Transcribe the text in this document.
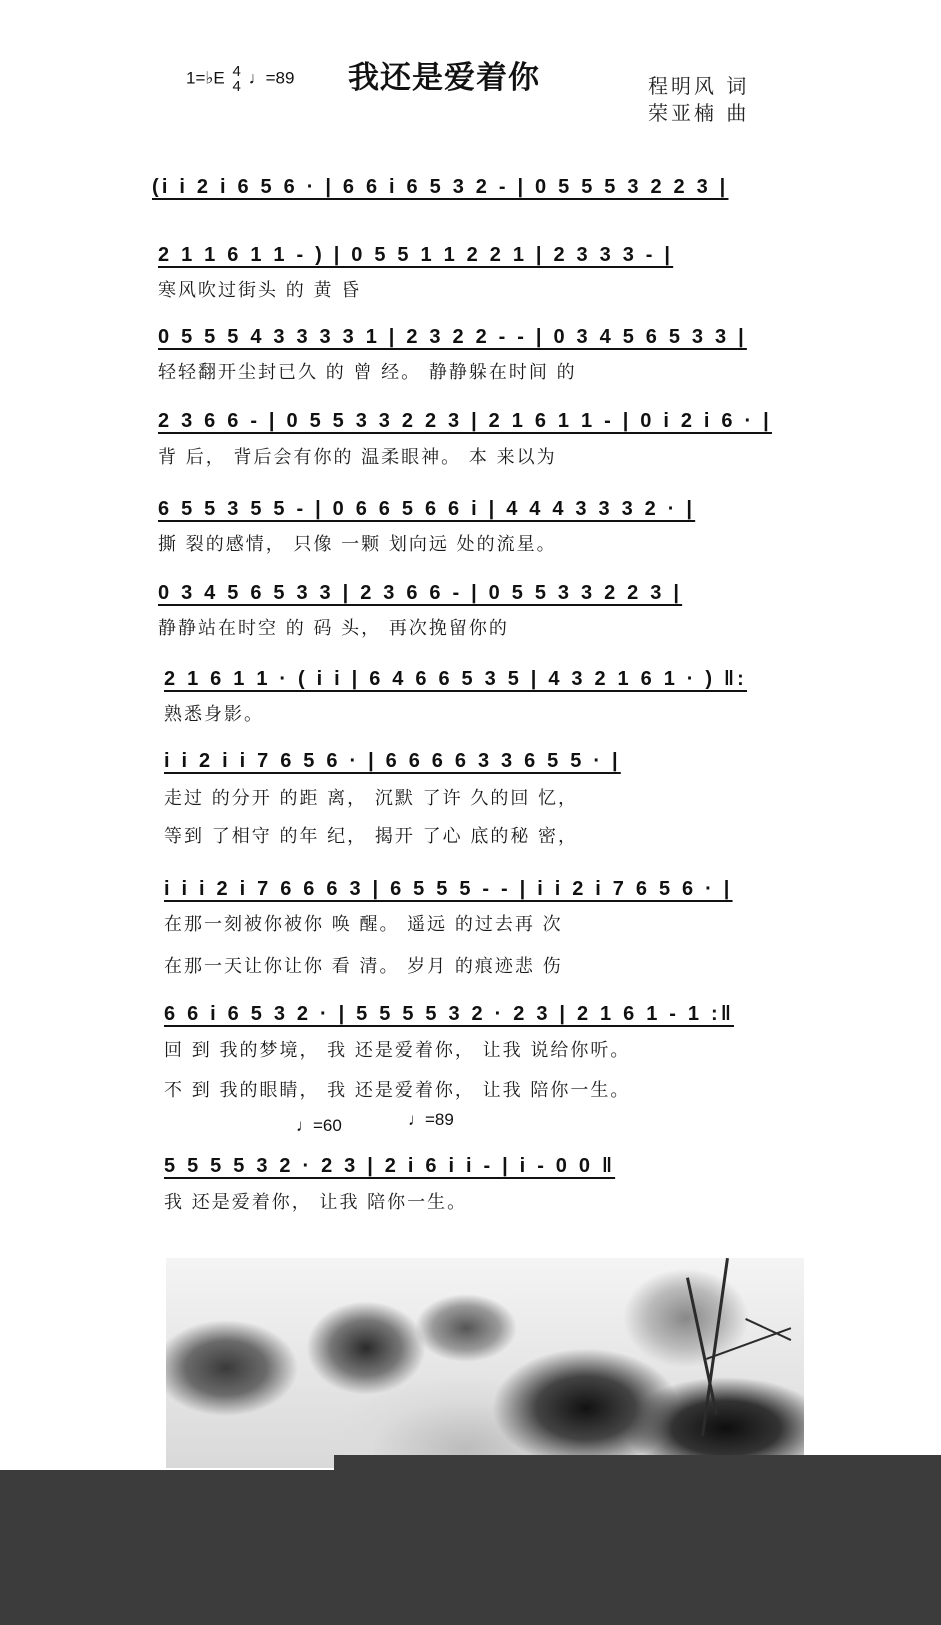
1=♭E 4
4 ♩=89 我还是爱着你	程明风 词
荣亚楠 曲
(i i 2 i 6 5 6 · | 6 6 i 6 5 3 2 - | 0 5 5 5 3 2 2 3 |
2 1 1 6 1 1 - ) | 0 5 5 1 1 2 2 1 | 2 3 3 3 - |
寒风吹过街头 的 黄 昏
0 5 5 5 4 3 3 3 3 1 | 2 3 2 2 - - | 0 3 4 5 6 5 3 3 |
轻轻翻开尘封已久 的 曾 经。 静静躲在时间 的
2 3 6 6 - | 0 5 5 3 3 2 2 3 | 2 1 6 1 1 - | 0 i 2 i 6 · |
背 后， 背后会有你的 温柔眼神。 本 来以为
6 5 5 3 5 5 - | 0 6 6 5 6 6 i | 4 4 4 3 3 3 2 · |
撕 裂的感情， 只像 一颗 划向远 处的流星。
0 3 4 5 6 5 3 3 | 2 3 6 6 - | 0 5 5 3 3 2 2 3 |
静静站在时空 的 码 头， 再次挽留你的
2 1 6 1 1 · ( i i | 6 4 6 6 5 3 5 | 4 3 2 1 6 1 · ) ‖:
熟悉身影。
i i 2 i i 7 6 5 6 · | 6 6 6 6 3 3 6 5 5 · |
走过 的分开 的距 离， 沉默 了许 久的回 忆，
等到 了相守 的年 纪， 揭开 了心 底的秘 密，
i i i 2 i 7 6 6 6 3 | 6 5 5 5 - - | i i 2 i 7 6 5 6 · |
在那一刻被你被你 唤 醒。 遥远 的过去再 次
在那一天让你让你 看 清。 岁月 的痕迹悲 伤
6 6 i 6 5 3 2 · | 5 5 5 5 3 2 · 2 3 | 2 1 6 1 - 1 :‖
回 到 我的梦境， 我 还是爱着你， 让我 说给你听。
不 到 我的眼睛， 我 还是爱着你， 让我 陪你一生。
♩=60	♩=89
5 5 5 5 3 2 · 2 3 | 2 i 6 i i - | i - 0 0 ‖
我 还是爱着你， 让我 陪你一生。
